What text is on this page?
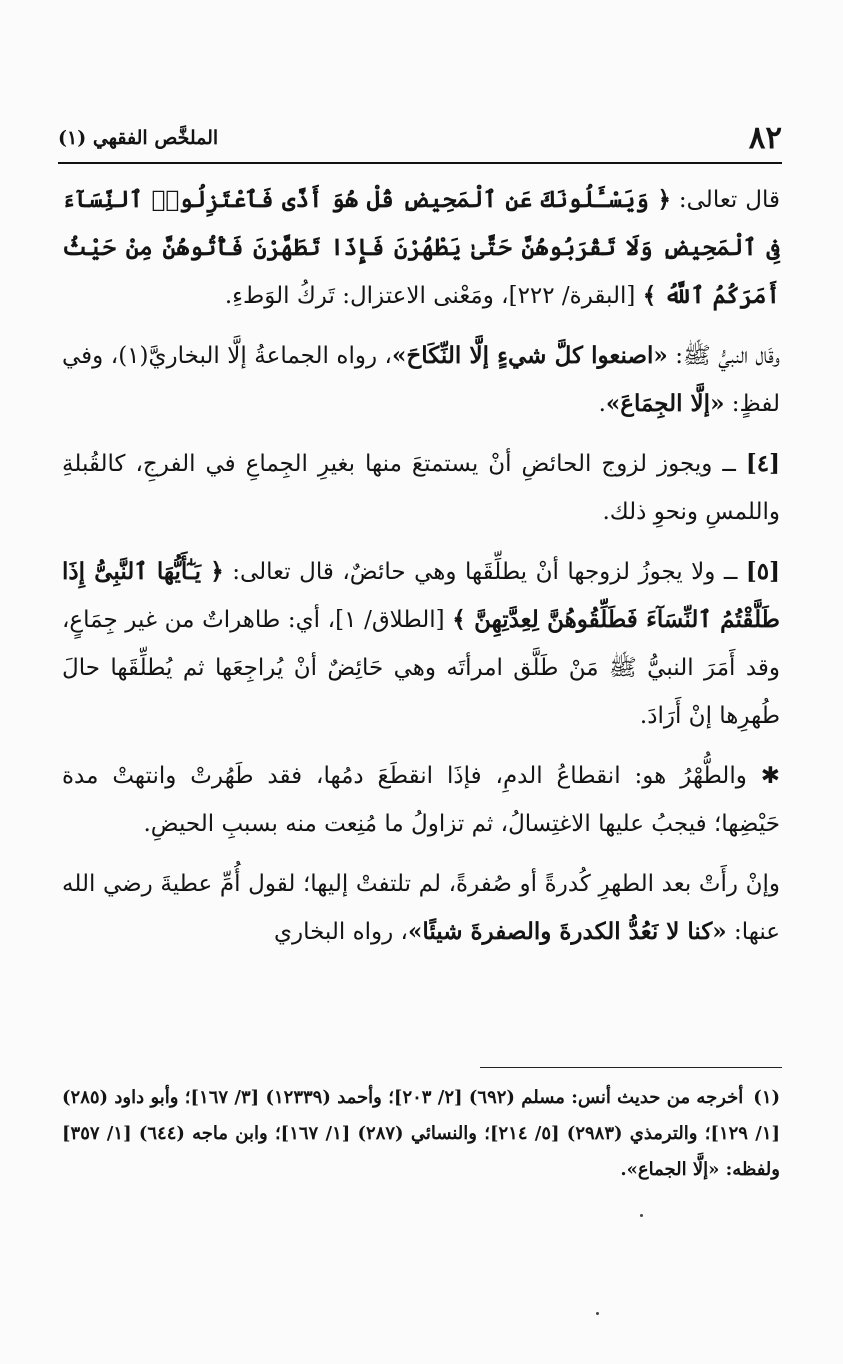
٨٢
الملخَّص الفقهي (١)

قال تعالى: ﴿ وَيَسْـَٔلُونَكَ عَنِ ٱلْمَحِيضِ قُلْ هُوَ أَذًى فَٱعْتَزِلُوا۟ ٱلنِّسَآءَ فِى ٱلْمَحِيضِ وَلَا تَقْرَبُوهُنَّ حَتَّىٰ يَطْهُرْنَ فَإِذَا تَطَهَّرْنَ فَأْتُوهُنَّ مِنْ حَيْثُ أَمَرَكُمُ ٱللَّهُ ﴾ [البقرة/ ٢٢٢]، ومَعْنى الاعتزال: تَركُ الوَطءِ.

وقَال النبيُّ ﷺ: «اصنعوا كلَّ شيءٍ إلَّا النِّكَاحَ»، رواه الجماعةُ إلَّا البخاريَّ(١)، وفي لفظٍ: «إلَّا الجِمَاعَ».

[٤] ــ ويجوز لزوج الحائضِ أنْ يستمتعَ منها بغيرِ الجِماعِ في الفرجِ، كالقُبلةِ واللمسِ ونحوِ ذلك.

[٥] ــ ولا يجوزُ لزوجها أنْ يطلِّقَها وهي حائضٌ، قال تعالى: ﴿ يَـٰٓأَيُّهَا ٱلنَّبِىُّ إِذَا طَلَّقْتُمُ ٱلنِّسَآءَ فَطَلِّقُوهُنَّ لِعِدَّتِهِنَّ ﴾ [الطلاق/ ١]، أي: طاهراتٌ من غير جِمَاعٍ، وقد أَمَرَ النبيُّ ﷺ مَنْ طَلَّق امرأتَه وهي حَائِضٌ أنْ يُراجِعَها ثم يُطلِّقَها حالَ طُهرِها إنْ أَرَادَ.

✱ والطُّهْرُ هو: انقطاعُ الدمِ، فإذَا انقطَعَ دمُها، فقد طَهُرتْ وانتهتْ مدة حَيْضِها؛ فيجبُ عليها الاغتِسالُ، ثم تزاولُ ما مُنِعت منه بسببِ الحيضِ.

وإنْ رأَتْ بعد الطهرِ كُدرةً أو صُفرةً، لم تلتفتْ إليها؛ لقول أُمِّ عطيةَ رضي الله عنها: «كنا لا نَعُدُّ الكدرةَ والصفرةَ شيئًا»، رواه البخاري

(١)أخرجه من حديث أنس: مسلم (٦٩٢) [٢/ ٢٠٣]؛ وأحمد (١٢٣٣٩) [٣/ ١٦٧]؛ وأبو داود (٢٨٥) [١/ ١٢٩]؛ والترمذي (٢٩٨٣) [٥/ ٢١٤]؛ والنسائي (٢٨٧) [١/ ١٦٧]؛ وابن ماجه (٦٤٤) [١/ ٣٥٧] ولفظه: «إلَّا الجماع».
